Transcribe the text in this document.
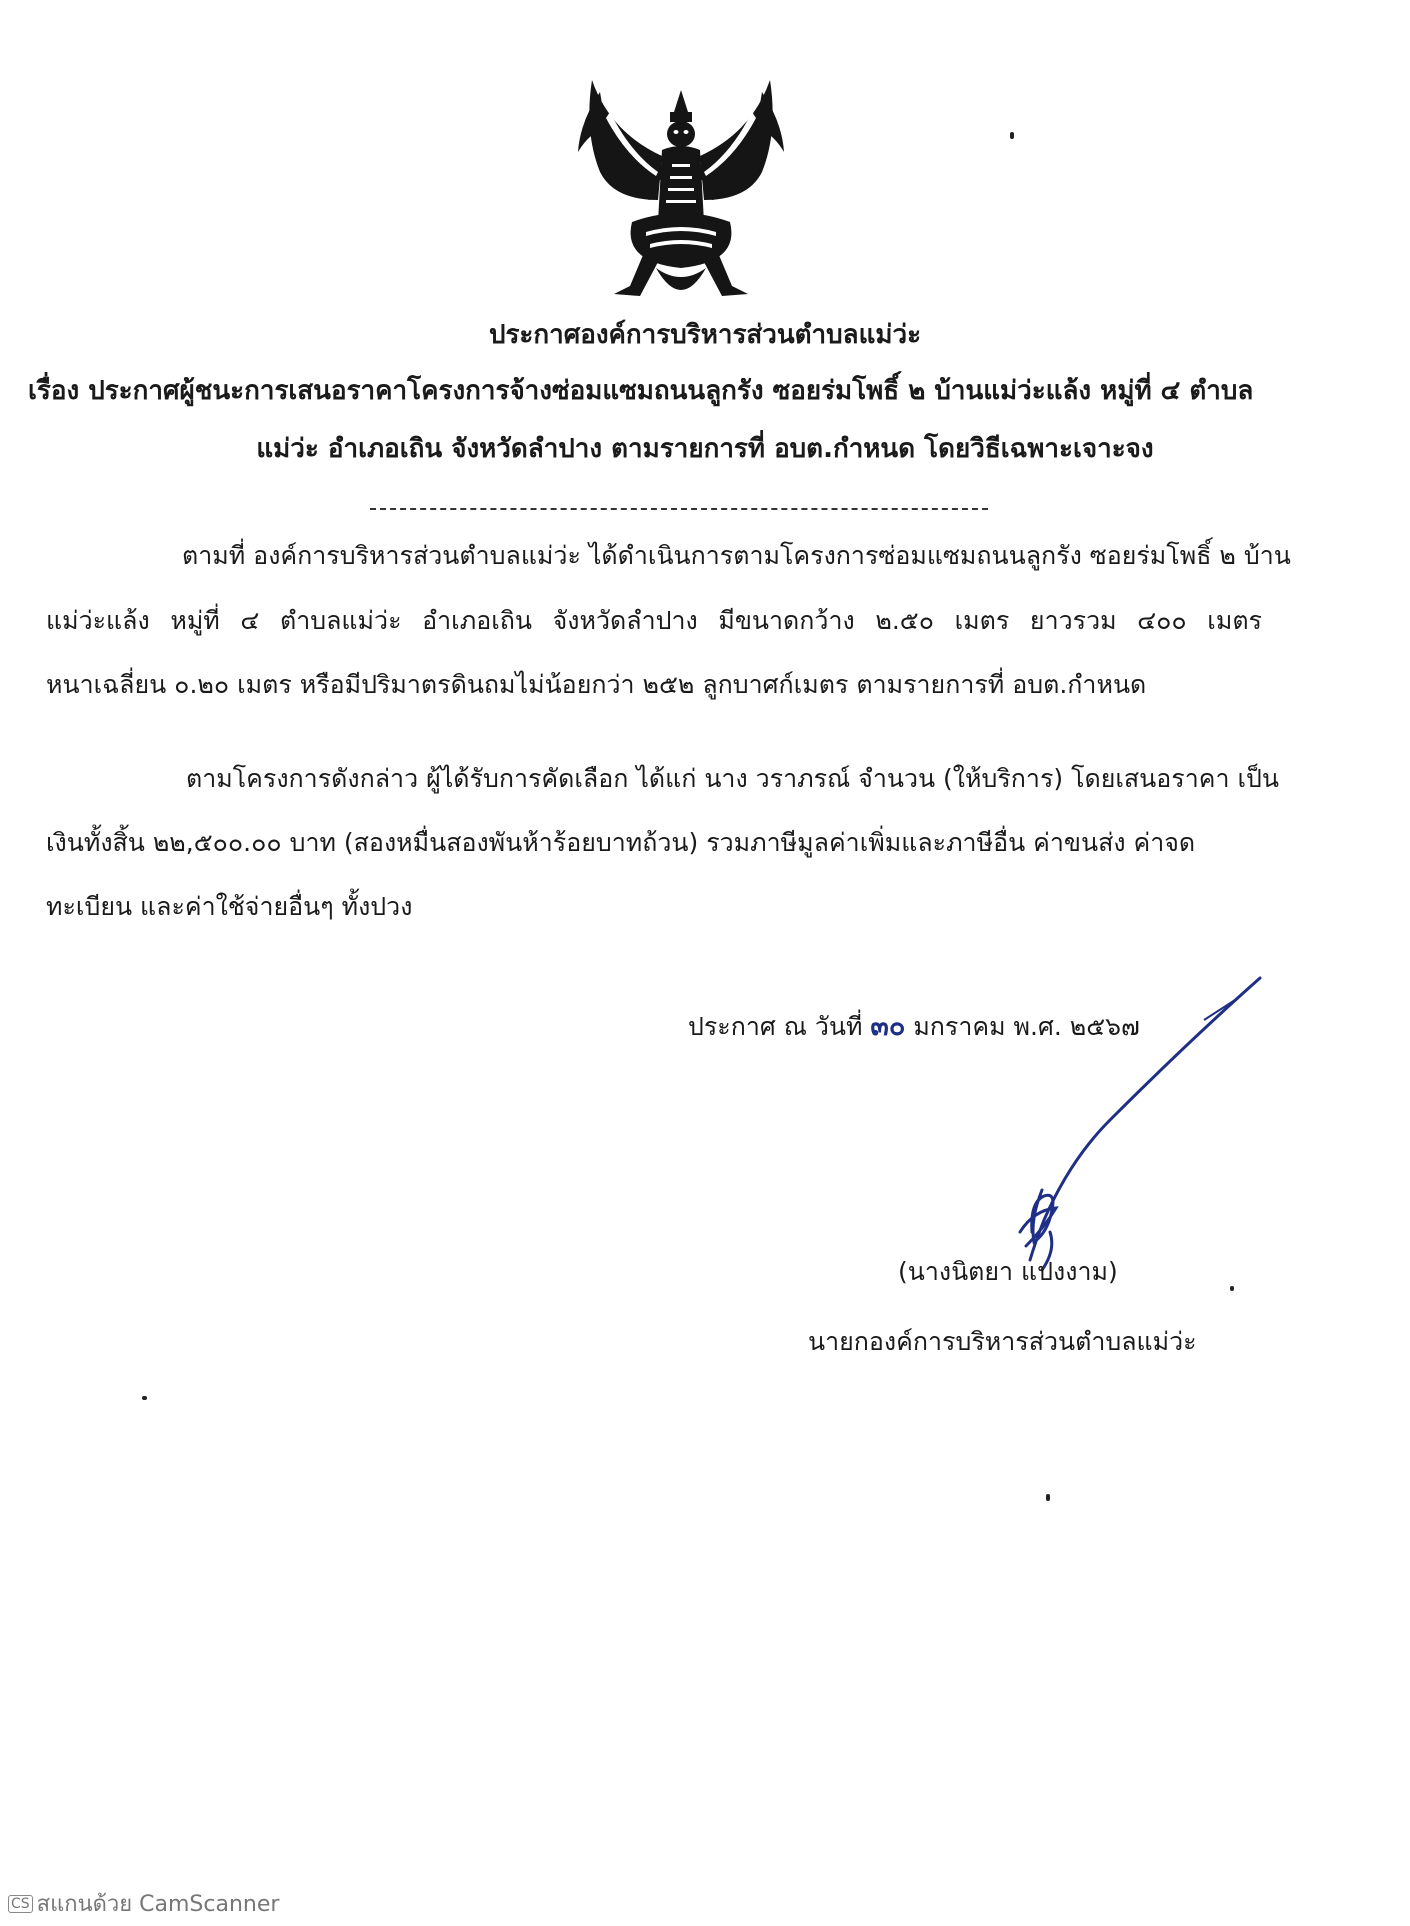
ประกาศองค์การบริหารส่วนตำบลแม่ว่ะ
เรื่อง ประกาศผู้ชนะการเสนอราคาโครงการจ้างซ่อมแซมถนนลูกรัง ซอยร่มโพธิ์ ๒ บ้านแม่ว่ะแล้ง หมู่ที่ ๔ ตำบล
แม่ว่ะ อำเภอเถิน จังหวัดลำปาง ตามรายการที่ อบต.กำหนด โดยวิธีเฉพาะเจาะจง
ตามที่ องค์การบริหารส่วนตำบลแม่ว่ะ ได้ดำเนินการตามโครงการซ่อมแซมถนนลูกรัง ซอยร่มโพธิ์ ๒ บ้าน
แม่ว่ะแล้ง หมู่ที่ ๔ ตำบลแม่ว่ะ อำเภอเถิน จังหวัดลำปาง มีขนาดกว้าง ๒.๕๐ เมตร ยาวรวม ๔๐๐ เมตร
หนาเฉลี่ยน ๐.๒๐ เมตร หรือมีปริมาตรดินถมไม่น้อยกว่า ๒๕๒ ลูกบาศก์เมตร ตามรายการที่ อบต.กำหนด
ตามโครงการดังกล่าว ผู้ได้รับการคัดเลือก ได้แก่ นาง วราภรณ์ จำนวน (ให้บริการ) โดยเสนอราคา เป็น
เงินทั้งสิ้น ๒๒,๕๐๐.๐๐ บาท (สองหมื่นสองพันห้าร้อยบาทถ้วน) รวมภาษีมูลค่าเพิ่มและภาษีอื่น ค่าขนส่ง ค่าจด
ทะเบียน และค่าใช้จ่ายอื่นๆ ทั้งปวง
ประกาศ ณ วันที่ ๓๐ มกราคม พ.ศ. ๒๕๖๗
(นางนิตยา แปงงาม)
นายกองค์การบริหารส่วนตำบลแม่ว่ะ
CS สแกนด้วย CamScanner
